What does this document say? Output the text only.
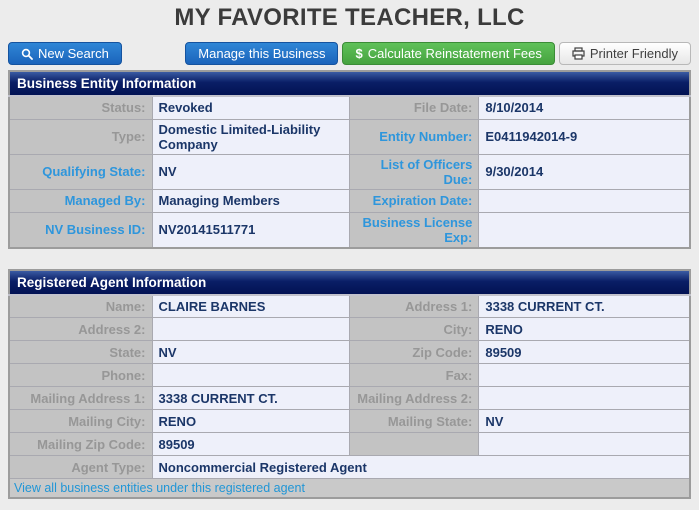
MY FAVORITE TEACHER, LLC
New Search	Manage this Business $ Calculate Reinstatement Fees	Printer Friendly
Business Entity Information			
Status:	Revoked	File Date:	8/10/2014
Type:	Domestic Limited-Liability Company	Entity Number:	E0411942014-9
Qualifying State:	NV	List of Officers Due:	9/30/2014
Managed By:	Managing Members	Expiration Date:	
NV Business ID:	NV20141511771	Business License Exp:	
Registered Agent Information			
Name:	CLAIRE BARNES	Address 1:	3338 CURRENT CT.
Address 2:		City:	RENO
State:	NV	Zip Code:	89509
Phone:		Fax:	
Mailing Address 1:	3338 CURRENT CT.	Mailing Address 2:	
Mailing City:	RENO	Mailing State:	NV
Mailing Zip Code:	89509		
Agent Type:	Noncommercial Registered Agent		
View all business entities under this registered agent			
